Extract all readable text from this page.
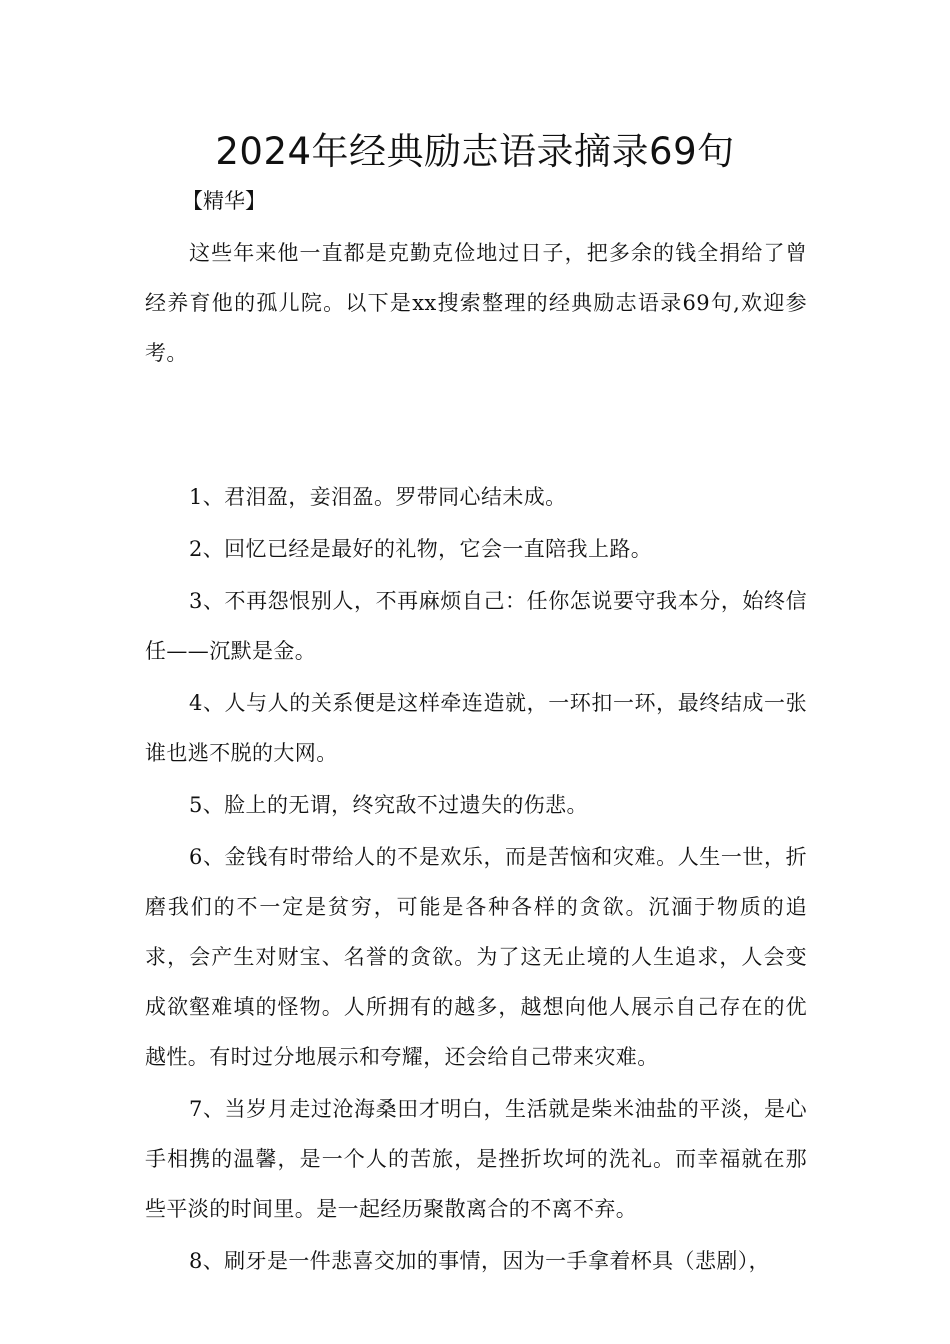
2024年经典励志语录摘录69句

【精华】

这些年来他一直都是克勤克俭地过日子，把多余的钱全捐给了曾经养育他的孤儿院。以下是xx搜索整理的经典励志语录69句,欢迎参考。

1、君泪盈，妾泪盈。罗带同心结未成。

2、回忆已经是最好的礼物，它会一直陪我上路。

3、不再怨恨别人，不再麻烦自己：任你怎说要守我本分，始终信任——沉默是金。

4、人与人的关系便是这样牵连造就，一环扣一环，最终结成一张谁也逃不脱的大网。

5、脸上的无谓，终究敌不过遗失的伤悲。

6、金钱有时带给人的不是欢乐，而是苦恼和灾难。人生一世，折磨我们的不一定是贫穷，可能是各种各样的贪欲。沉湎于物质的追求，会产生对财宝、名誉的贪欲。为了这无止境的人生追求，人会变成欲壑难填的怪物。人所拥有的越多，越想向他人展示自己存在的优越性。有时过分地展示和夸耀，还会给自己带来灾难。

7、当岁月走过沧海桑田才明白，生活就是柴米油盐的平淡，是心手相携的温馨，是一个人的苦旅，是挫折坎坷的洗礼。而幸福就在那些平淡的时间里。是一起经历聚散离合的不离不弃。

8、刷牙是一件悲喜交加的事情，因为一手拿着杯具（悲剧），
